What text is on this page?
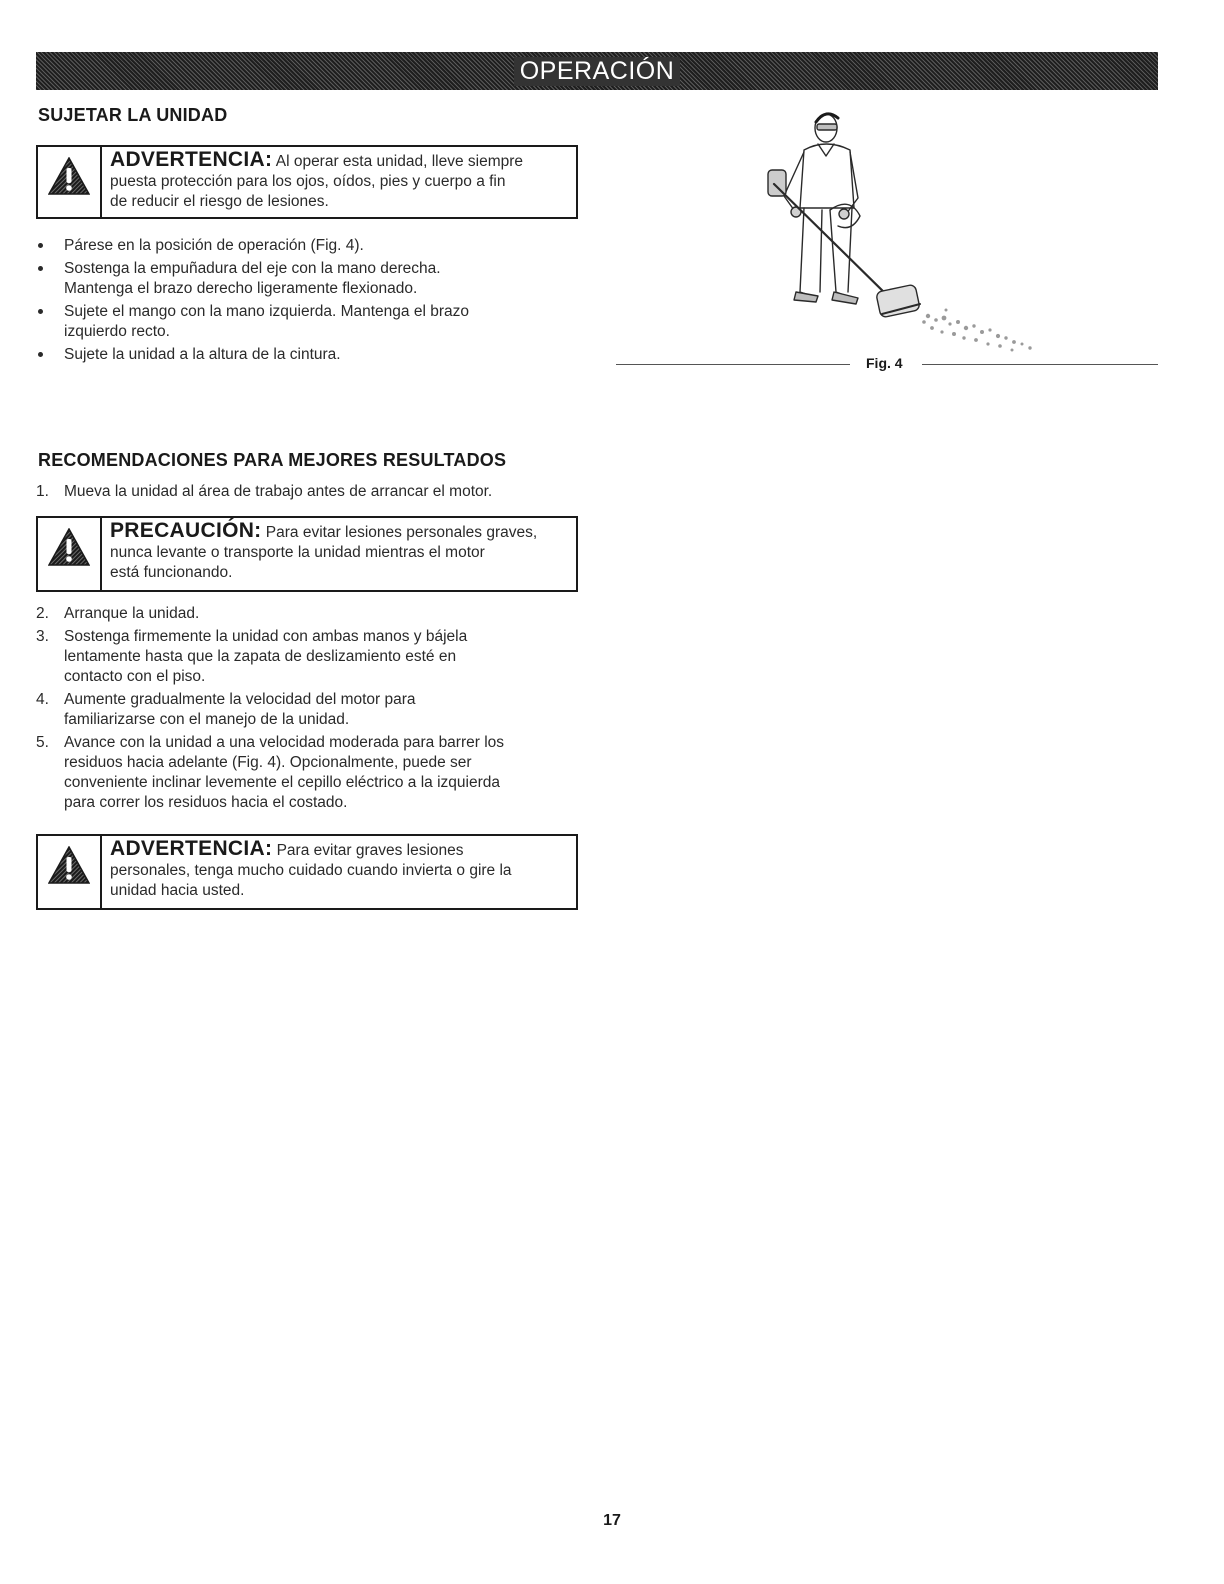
OPERACIÓN
SUJETAR LA UNIDAD
ADVERTENCIA: Al operar esta unidad, lleve siempre
puesta protección para los ojos, oídos, pies y cuerpo a fin
de reducir el riesgo de lesiones.
Párese en la posición de operación (Fig. 4).
Sostenga la empuñadura del eje con la mano derecha.
Mantenga el brazo derecho ligeramente flexionado.
Sujete el mango con la mano izquierda. Mantenga el brazo
izquierdo recto.
Sujete la unidad a la altura de la cintura.	Fig. 4
RECOMENDACIONES PARA MEJORES RESULTADOS
1. Mueva la unidad al área de trabajo antes de arrancar el motor.
PRECAUCIÓN: Para evitar lesiones personales graves,
nunca levante o transporte la unidad mientras el motor
está funcionando.
2. Arranque la unidad.
3. Sostenga firmemente la unidad con ambas manos y bájela
lentamente hasta que la zapata de deslizamiento esté en
contacto con el piso.
4. Aumente gradualmente la velocidad del motor para
familiarizarse con el manejo de la unidad.
5. Avance con la unidad a una velocidad moderada para barrer los
residuos hacia adelante (Fig. 4). Opcionalmente, puede ser
conveniente inclinar levemente el cepillo eléctrico a la izquierda
para correr los residuos hacia el costado.
ADVERTENCIA: Para evitar graves lesiones
personales, tenga mucho cuidado cuando invierta o gire la
unidad hacia usted.
17
